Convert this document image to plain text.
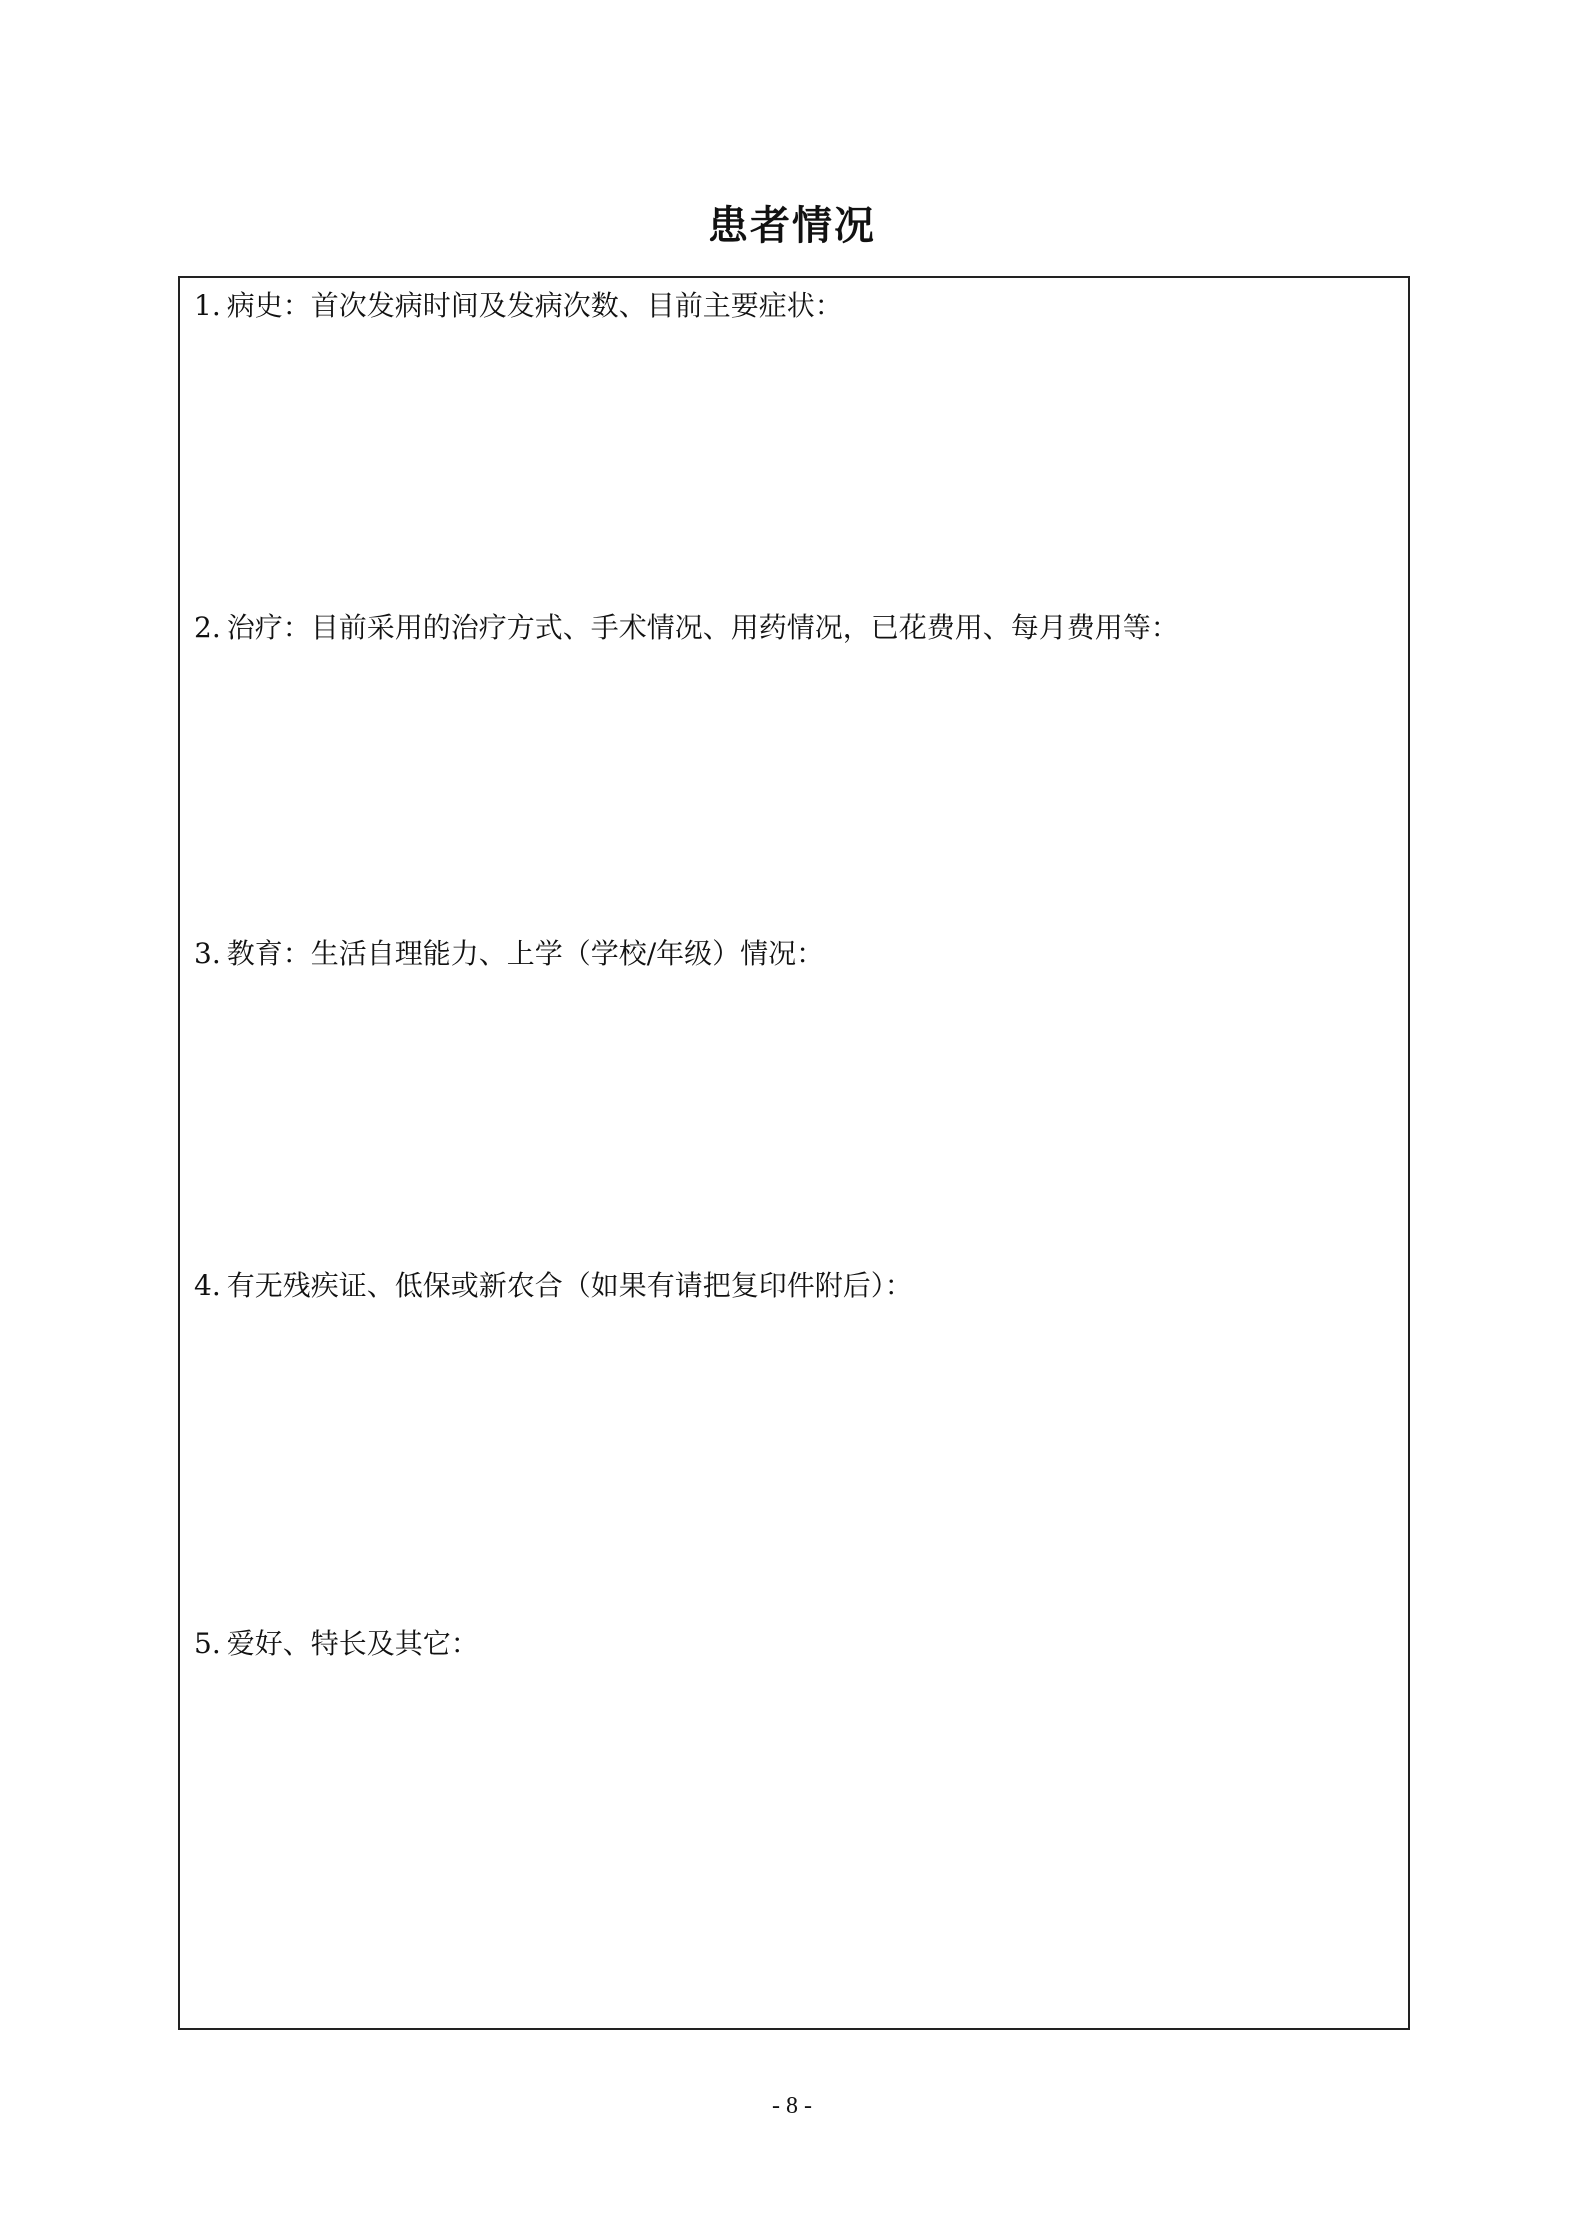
患者情况
1. 病史：首次发病时间及发病次数、目前主要症状：
2. 治疗：目前采用的治疗方式、手术情况、用药情况，已花费用、每月费用等：
3. 教育：生活自理能力、上学（学校/年级）情况：
4. 有无残疾证、低保或新农合（如果有请把复印件附后）：
5. 爱好、特长及其它：
- 8 -
